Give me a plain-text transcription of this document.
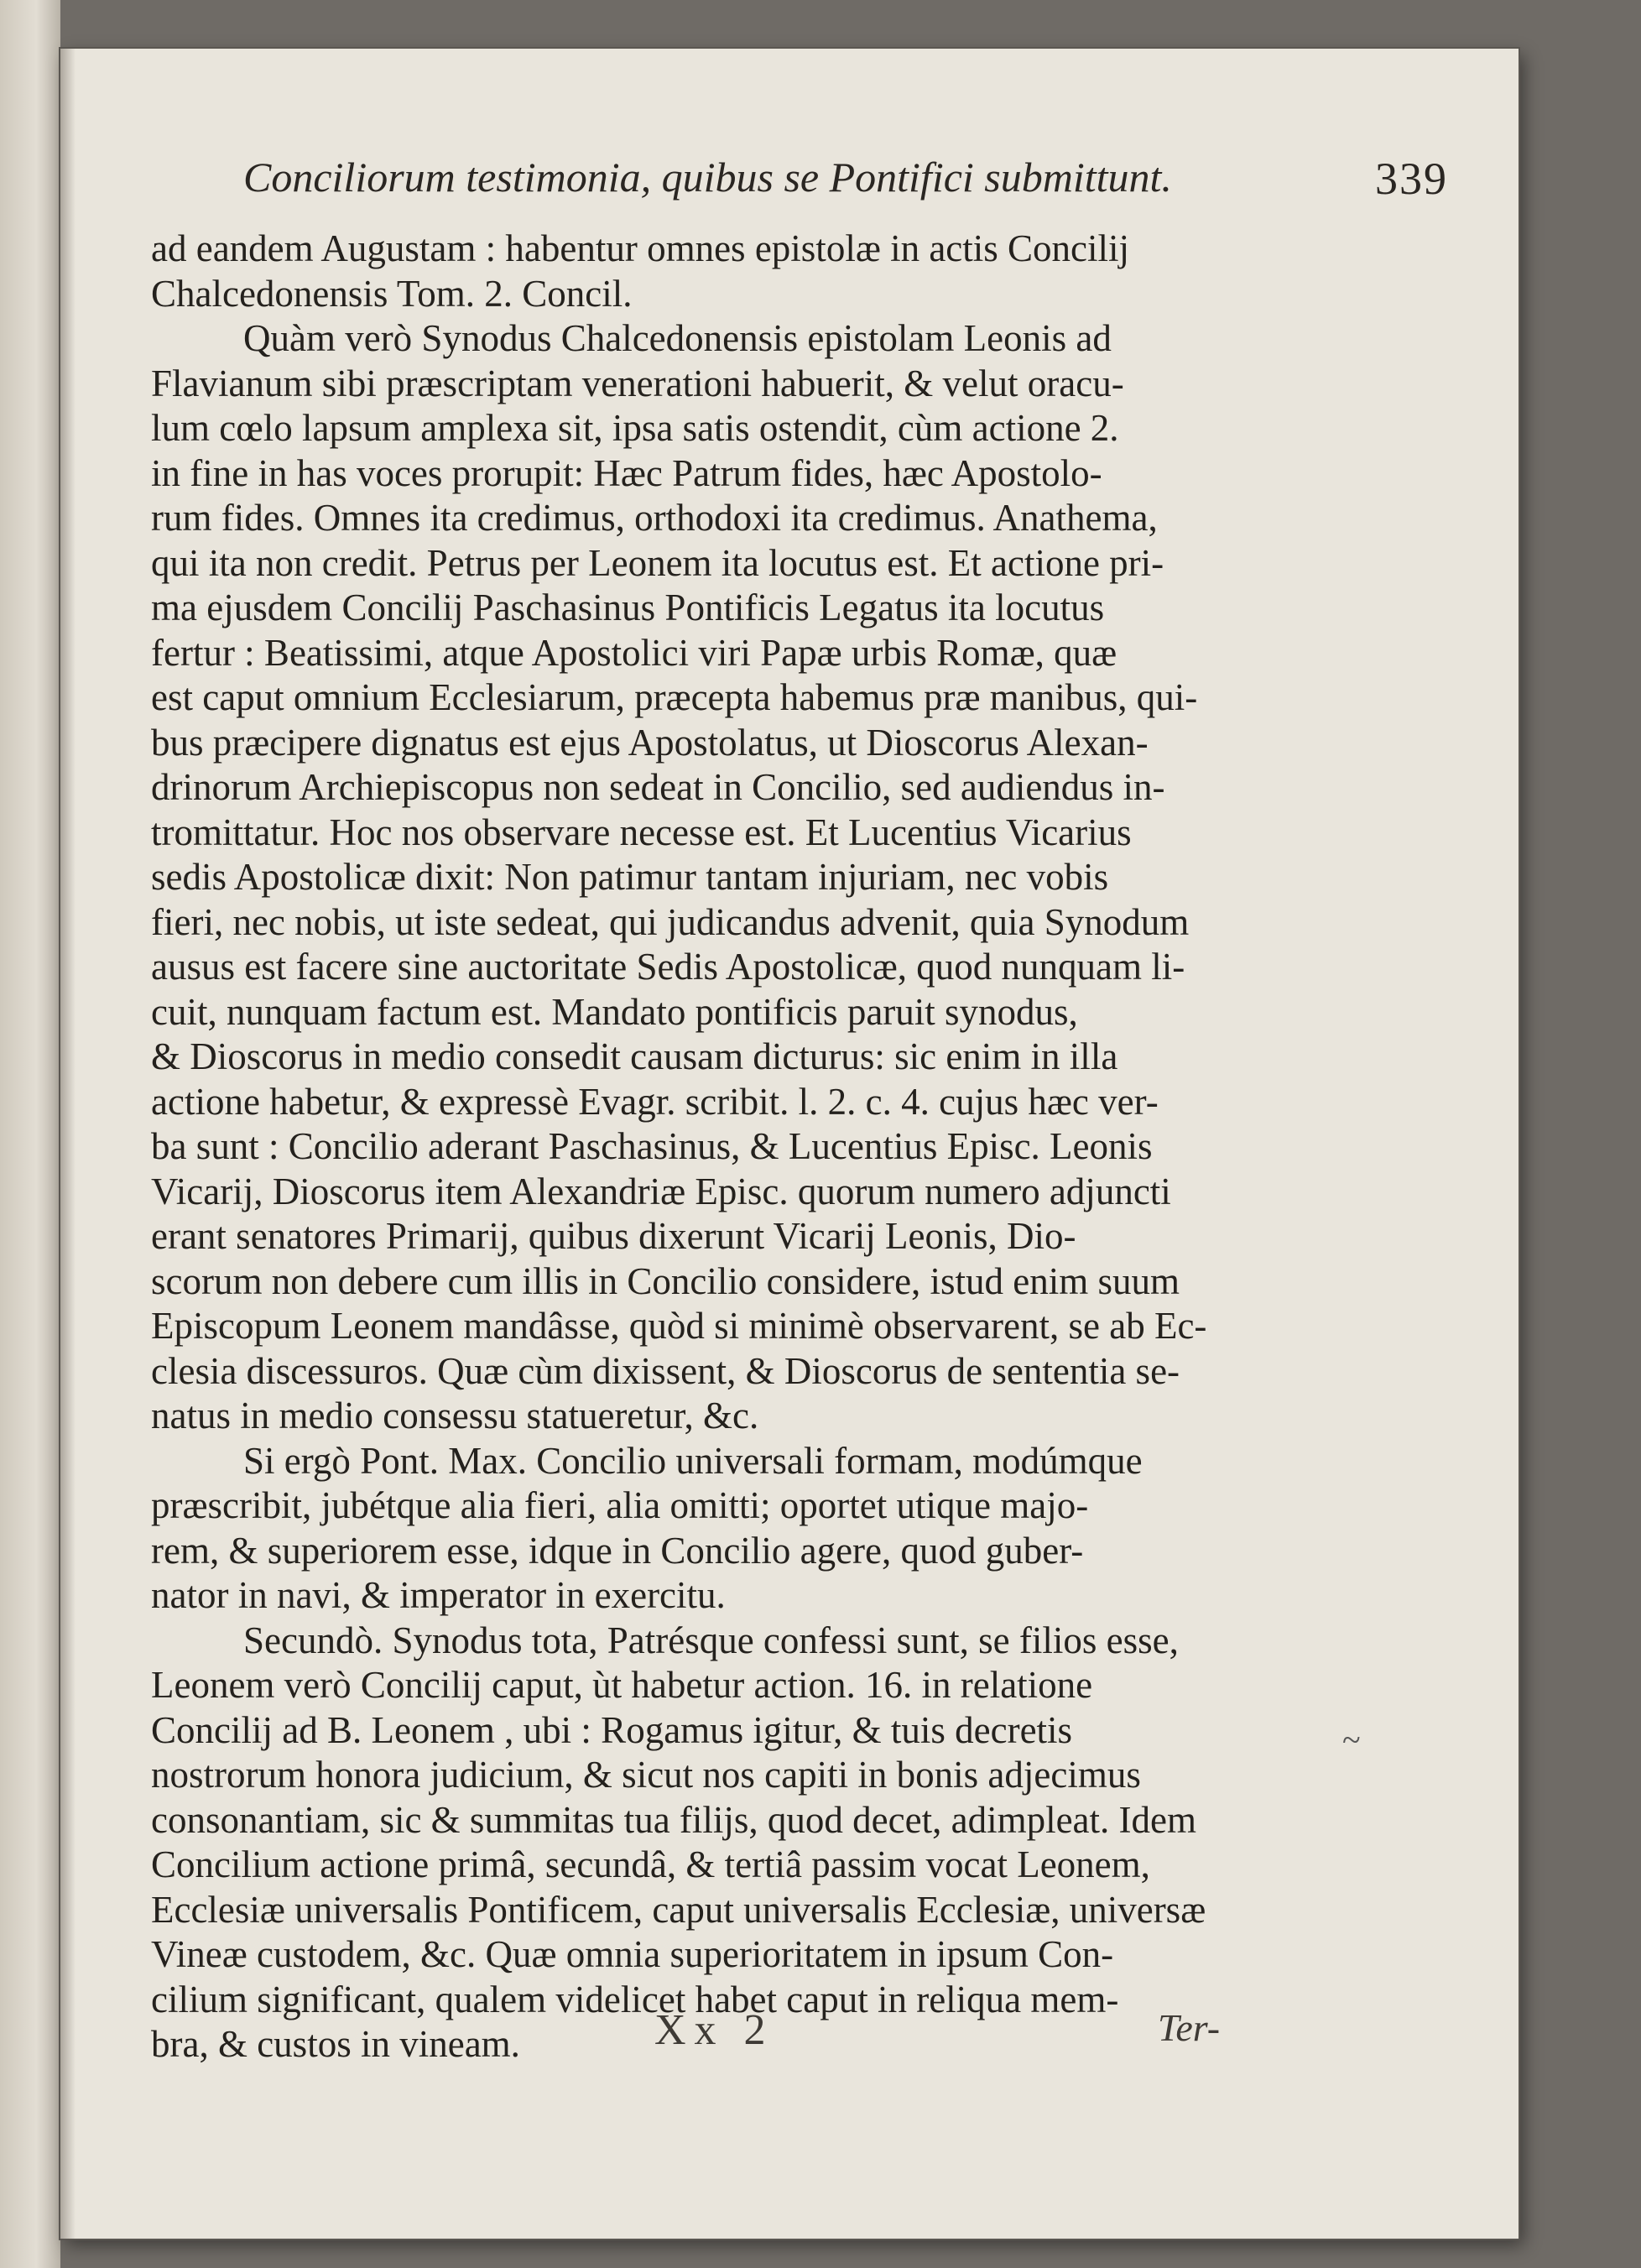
Conciliorum testimonia, quibus se Pontifici submittunt.	339
ad eandem Augustam : habentur omnes epistolæ in actis Concilij
Chalcedonensis Tom. 2. Concil.
Quàm verò Synodus Chalcedonensis epistolam Leonis ad
Flavianum sibi præscriptam venerationi habuerit, & velut oracu-
lum cœlo lapsum amplexa sit, ipsa satis ostendit, cùm actione 2.
in fine in has voces prorupit: Hæc Patrum fides, hæc Apostolo-
rum fides. Omnes ita credimus, orthodoxi ita credimus. Anathema,
qui ita non credit. Petrus per Leonem ita locutus est. Et actione pri-
ma ejusdem Concilij Paschasinus Pontificis Legatus ita locutus
fertur : Beatissimi, atque Apostolici viri Papæ urbis Romæ, quæ
est caput omnium Ecclesiarum, præcepta habemus præ manibus, qui-
bus præcipere dignatus est ejus Apostolatus, ut Dioscorus Alexan-
drinorum Archiepiscopus non sedeat in Concilio, sed audiendus in-
tromittatur. Hoc nos observare necesse est. Et Lucentius Vicarius
sedis Apostolicæ dixit: Non patimur tantam injuriam, nec vobis
fieri, nec nobis, ut iste sedeat, qui judicandus advenit, quia Synodum
ausus est facere sine auctoritate Sedis Apostolicæ, quod nunquam li-
cuit, nunquam factum est. Mandato pontificis paruit synodus,
& Dioscorus in medio consedit causam dicturus: sic enim in illa
actione habetur, & expressè Evagr. scribit. l. 2. c. 4. cujus hæc ver-
ba sunt : Concilio aderant Paschasinus, & Lucentius Episc. Leonis
Vicarij, Dioscorus item Alexandriæ Episc. quorum numero adjuncti
erant senatores Primarij, quibus dixerunt Vicarij Leonis, Dio-
scorum non debere cum illis in Concilio considere, istud enim suum
Episcopum Leonem mandâsse, quòd si minimè observarent, se ab Ec-
clesia discessuros. Quæ cùm dixissent, & Dioscorus de sententia se-
natus in medio consessu statueretur, &c.
Si ergò Pont. Max. Concilio universali formam, modúmque
præscribit, jubétque alia fieri, alia omitti; oportet utique majo-
rem, & superiorem esse, idque in Concilio agere, quod guber-
nator in navi, & imperator in exercitu.
Secundò. Synodus tota, Patrésque confessi sunt, se filios esse,
Leonem verò Concilij caput, ùt habetur action. 16. in relatione
Concilij ad B. Leonem , ubi : Rogamus igitur, & tuis decretis
nostrorum honora judicium, & sicut nos capiti in bonis adjecimus
consonantiam, sic & summitas tua filijs, quod decet, adimpleat. Idem
Concilium actione primâ, secundâ, & tertiâ passim vocat Leonem,
Ecclesiæ universalis Pontificem, caput universalis Ecclesiæ, universæ
Vineæ custodem, &c. Quæ omnia superioritatem in ipsum Con-
cilium significant, qualem videlicet habet caput in reliqua mem-
bra, & custos in vineam.	Xx 2	Ter-
